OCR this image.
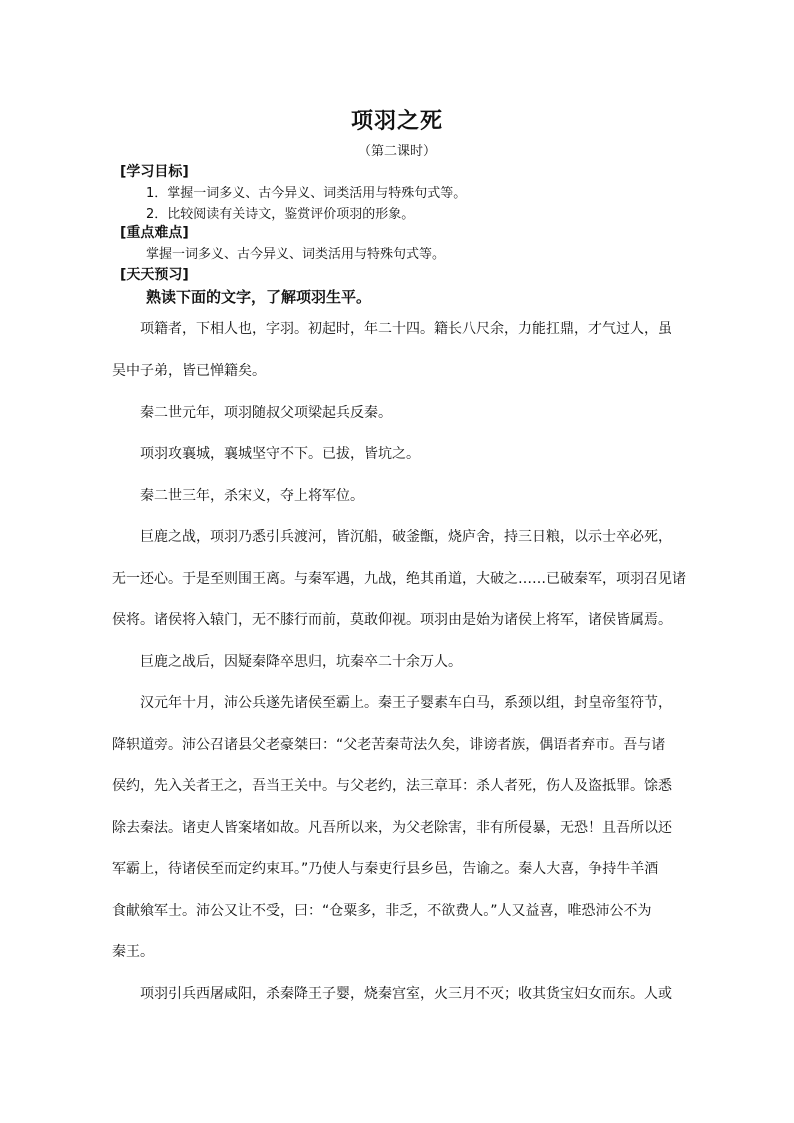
项羽之死
（第二课时）
[学习目标]
1．掌握一词多义、古今异义、词类活用与特殊句式等。
2．比较阅读有关诗文，鉴赏评价项羽的形象。
[重点难点]
掌握一词多义、古今异义、词类活用与特殊句式等。
[天天预习]
熟读下面的文字，了解项羽生平。
　　项籍者，下相人也，字羽。初起时，年二十四。籍长八尺余，力能扛鼎，才气过人，虽
吴中子弟，皆已惮籍矣。
　　秦二世元年，项羽随叔父项梁起兵反秦。
　　项羽攻襄城，襄城坚守不下。已拔，皆坑之。
　　秦二世三年，杀宋义，夺上将军位。
　　巨鹿之战，项羽乃悉引兵渡河，皆沉船，破釜甑，烧庐舍，持三日粮，以示士卒必死，
无一还心。于是至则围王离。与秦军遇，九战，绝其甬道，大破之……已破秦军，项羽召见诸
侯将。诸侯将入辕门，无不膝行而前，莫敢仰视。项羽由是始为诸侯上将军，诸侯皆属焉。
　　巨鹿之战后，因疑秦降卒思归，坑秦卒二十余万人。
　　汉元年十月，沛公兵遂先诸侯至霸上。秦王子婴素车白马，系颈以组，封皇帝玺符节，
降轵道旁。沛公召诸县父老豪桀曰：“父老苦秦苛法久矣，诽谤者族，偶语者弃市。吾与诸
侯约，先入关者王之，吾当王关中。与父老约，法三章耳：杀人者死，伤人及盗抵罪。馀悉
除去秦法。诸吏人皆案堵如故。凡吾所以来，为父老除害，非有所侵暴，无恐！且吾所以还
军霸上，待诸侯至而定约束耳。”乃使人与秦吏行县乡邑，告谕之。秦人大喜，争持牛羊酒
食献飨军士。沛公又让不受，曰：“仓粟多，非乏，不欲费人。”人又益喜，唯恐沛公不为
秦王。
　　项羽引兵西屠咸阳，杀秦降王子婴，烧秦宫室，火三月不灭；收其货宝妇女而东。人或
